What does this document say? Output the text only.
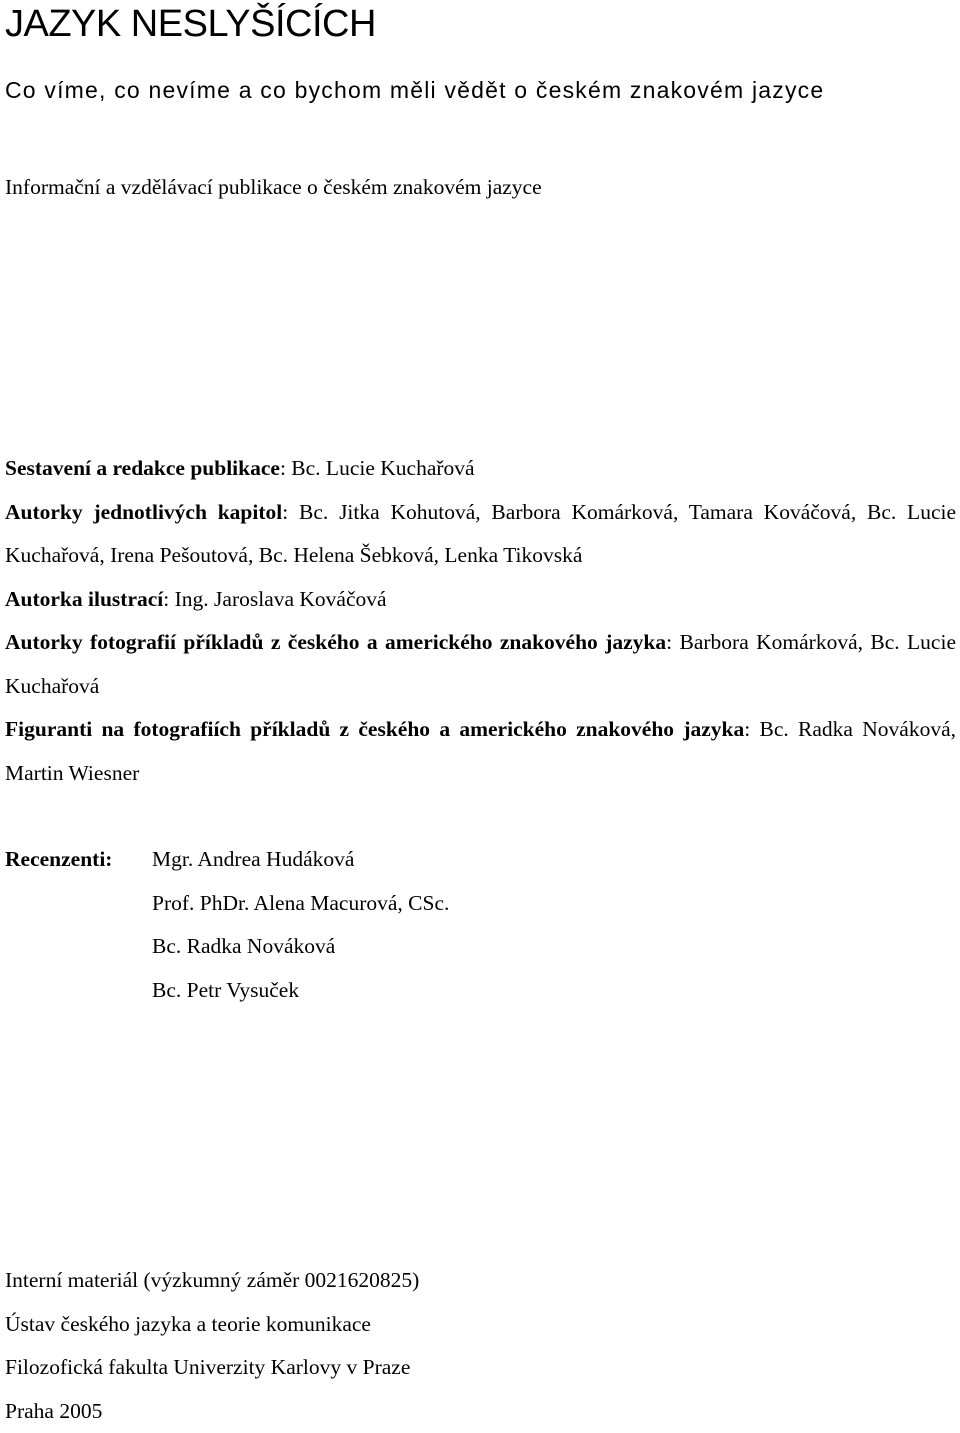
JAZYK NESLYŠÍCÍCH
Co víme, co nevíme a co bychom měli vědět o českém znakovém jazyce
Informační a vzdělávací publikace o českém znakovém jazyce

Sestavení a redakce publikace: Bc. Lucie Kuchařová

Autorky jednotlivých kapitol: Bc. Jitka Kohutová, Barbora Komárková, Tamara Kováčová, Bc. Lucie Kuchařová, Irena Pešoutová, Bc. Helena Šebková, Lenka Tikovská

Autorka ilustrací: Ing. Jaroslava Kováčová

Autorky fotografií příkladů z českého a amerického znakového jazyka: Barbora Komárková, Bc. Lucie Kuchařová

Figuranti na fotografiích příkladů z českého a amerického znakového jazyka: Bc. Radka Nováková, Martin Wiesner

Recenzenti: Mgr. Andrea Hudáková
Prof. PhDr. Alena Macurová, CSc.
Bc. Radka Nováková
Bc. Petr Vysuček
Interní materiál (výzkumný záměr 0021620825)
Ústav českého jazyka a teorie komunikace
Filozofická fakulta Univerzity Karlovy v Praze
Praha 2005
